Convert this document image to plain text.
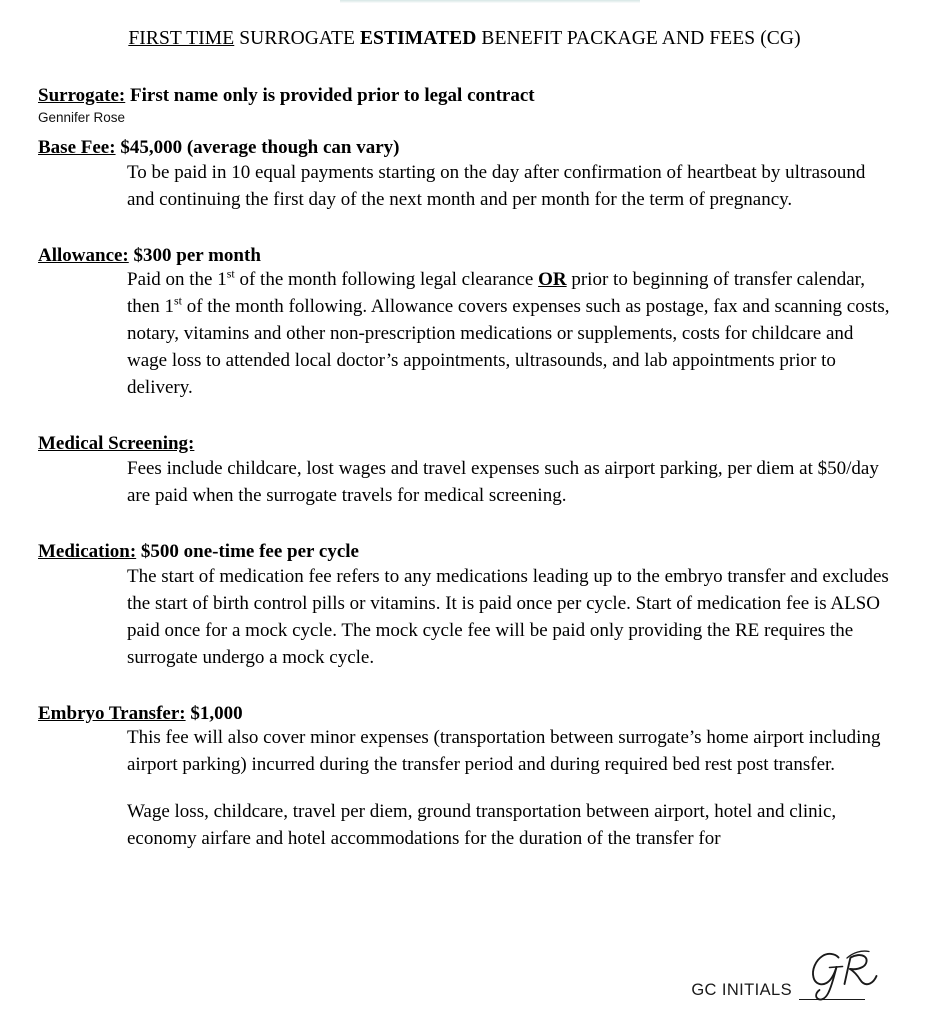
FIRST TIME SURROGATE ESTIMATED BENEFIT PACKAGE AND FEES (CG)

Surrogate: First name only is provided prior to legal contract

Gennifer Rose

Base Fee: $45,000 (average though can vary)

To be paid in 10 equal payments starting on the day after confirmation of heartbeat by ultrasound and continuing the first day of the next month and per month for the term of pregnancy.

Allowance: $300 per month

Paid on the 1st of the month following legal clearance OR prior to beginning of transfer calendar, then 1st of the month following. Allowance covers expenses such as postage, fax and scanning costs, notary, vitamins and other non-prescription medications or supplements, costs for childcare and wage loss to attended local doctor’s appointments, ultrasounds, and lab appointments prior to delivery.

Medical Screening:

Fees include childcare, lost wages and travel expenses such as airport parking, per diem at $50/day are paid when the surrogate travels for medical screening.

Medication: $500 one-time fee per cycle

The start of medication fee refers to any medications leading up to the embryo transfer and excludes the start of birth control pills or vitamins. It is paid once per cycle. Start of medication fee is ALSO paid once for a mock cycle. The mock cycle fee will be paid only providing the RE requires the surrogate undergo a mock cycle.

Embryo Transfer: $1,000

This fee will also cover minor expenses (transportation between surrogate’s home airport including airport parking) incurred during the transfer period and during required bed rest post transfer.

Wage loss, childcare, travel per diem, ground transportation between airport, hotel and clinic, economy airfare and hotel accommodations for the duration of the transfer for

GC INITIALS
